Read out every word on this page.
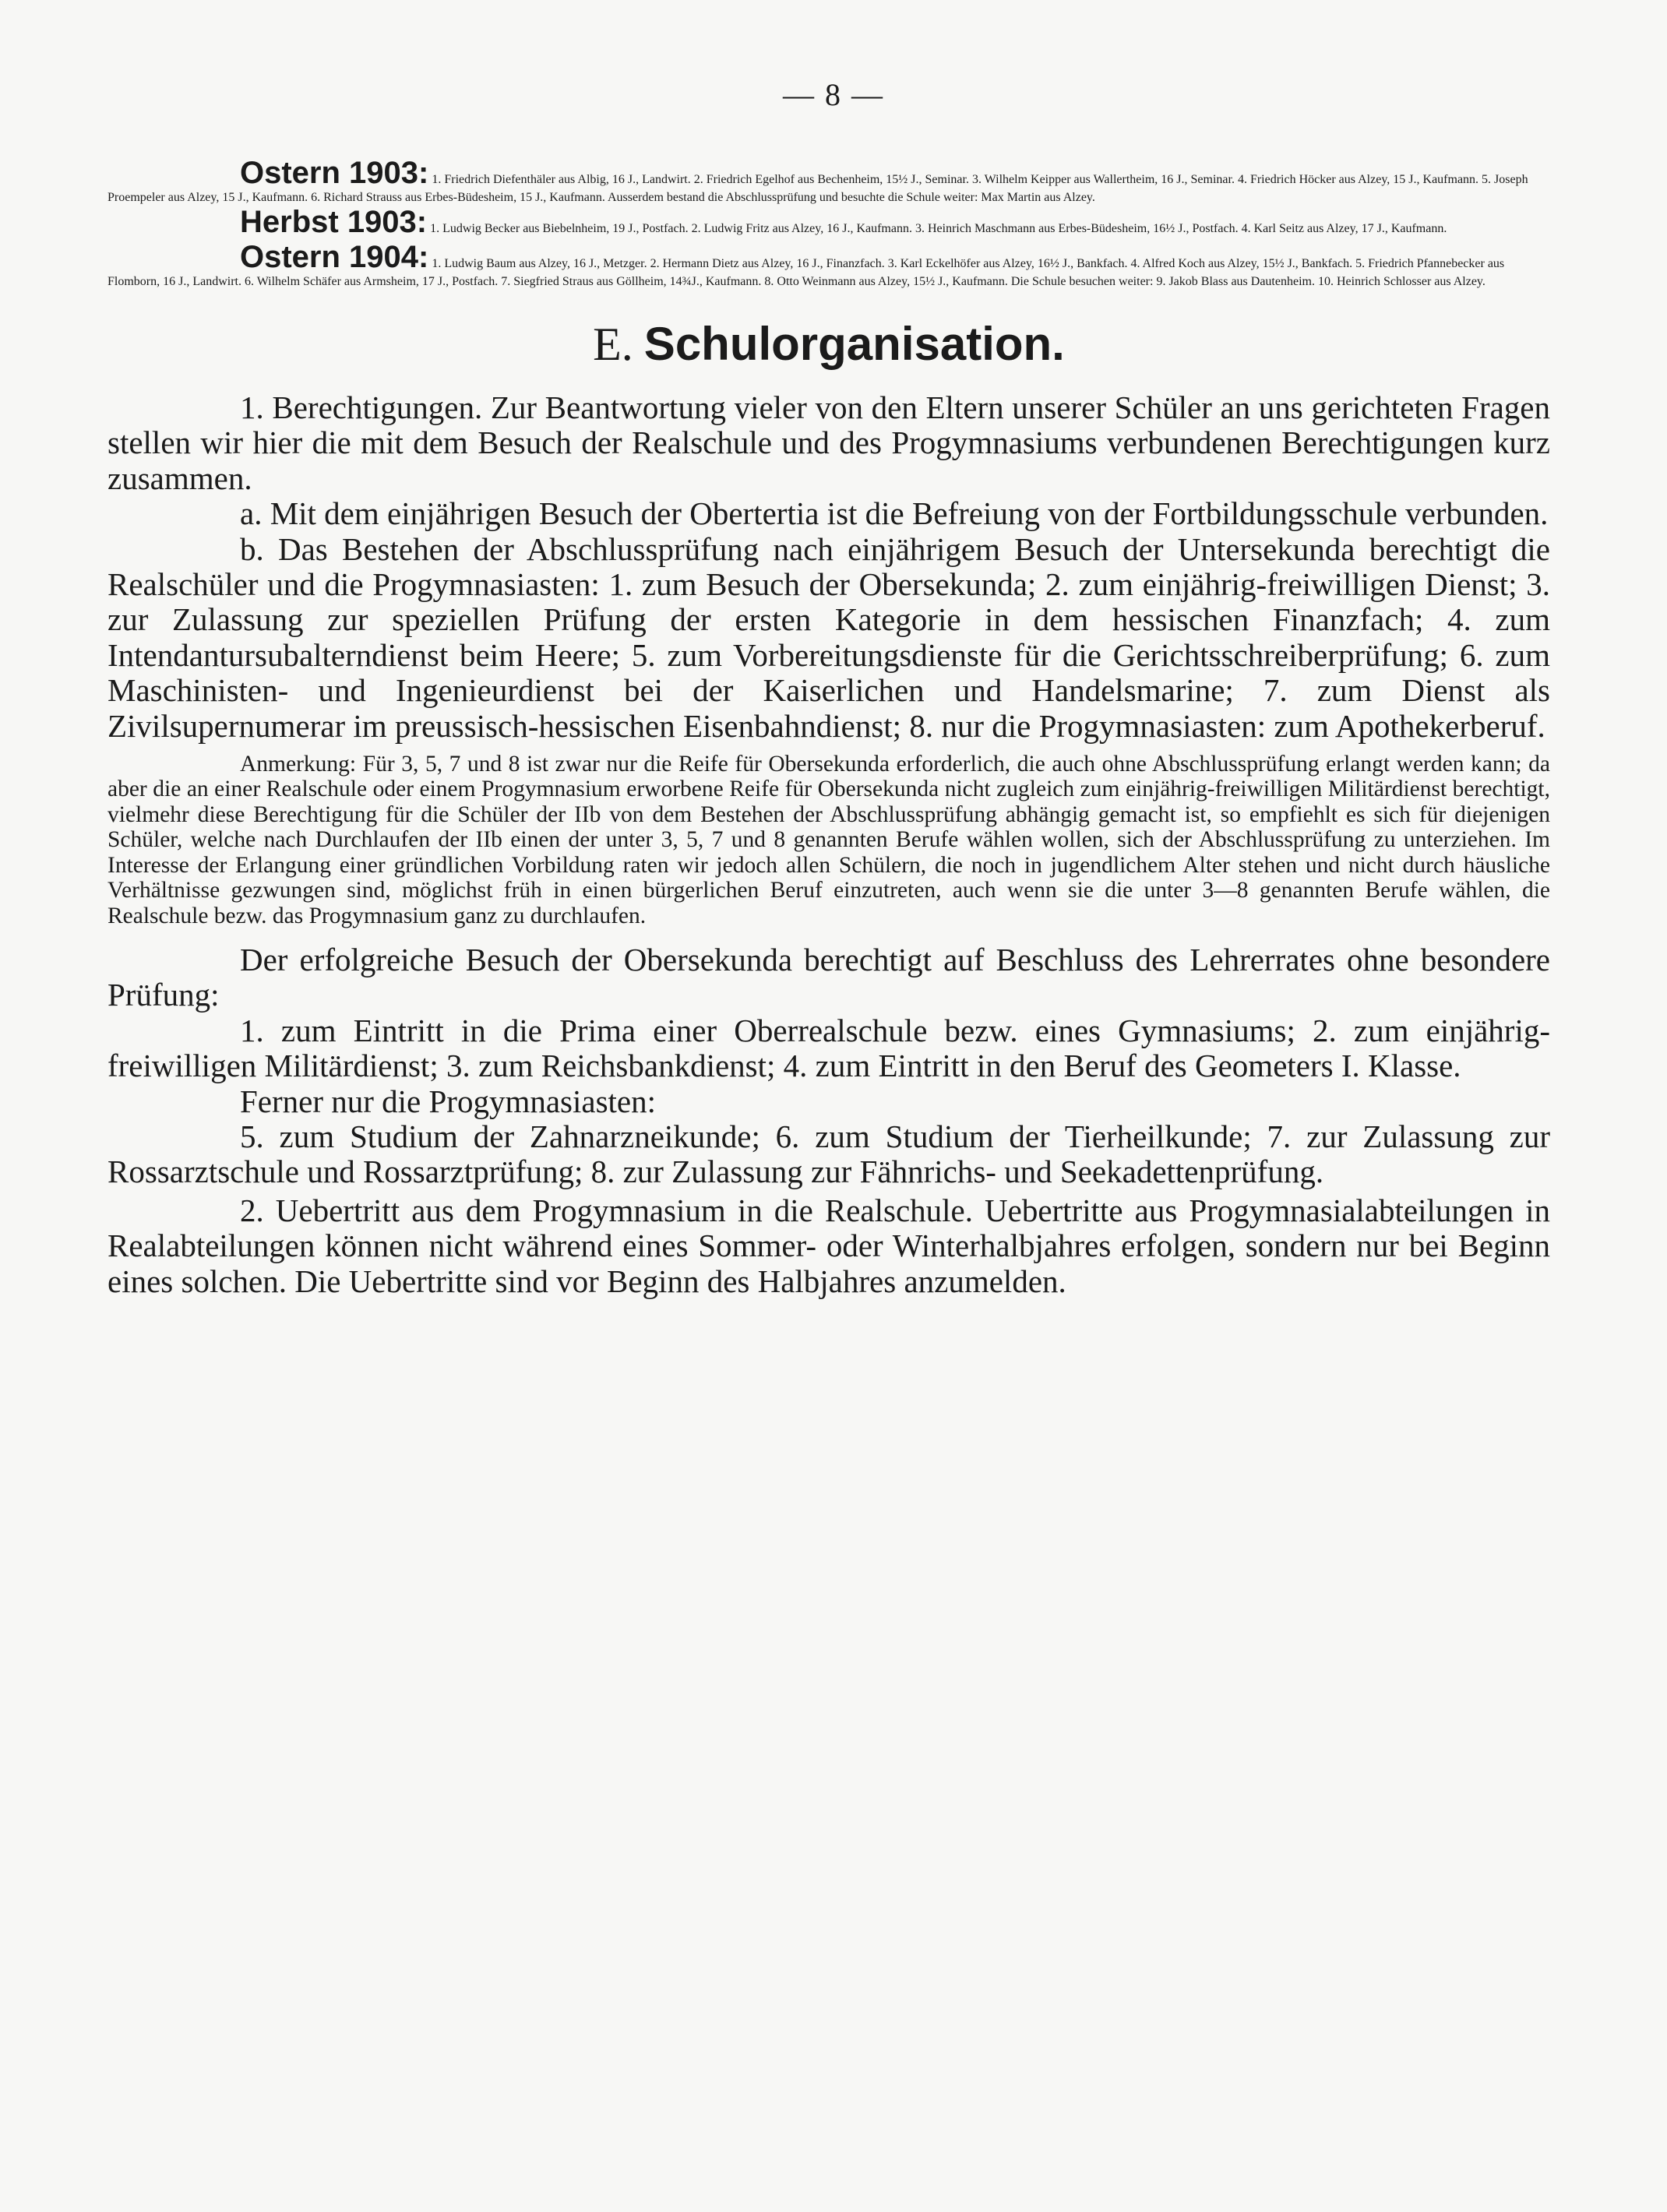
— 8 —

Ostern 1903: 1. Friedrich Diefenthäler aus Albig, 16 J., Landwirt. 2. Friedrich Egelhof aus Bechenheim, 15½ J., Seminar. 3. Wilhelm Keipper aus Wallertheim, 16 J., Seminar. 4. Friedrich Höcker aus Alzey, 15 J., Kaufmann. 5. Joseph Proempeler aus Alzey, 15 J., Kaufmann. 6. Richard Strauss aus Erbes-Büdesheim, 15 J., Kaufmann. Ausserdem bestand die Abschlussprüfung und besuchte die Schule weiter: Max Martin aus Alzey.

Herbst 1903: 1. Ludwig Becker aus Biebelnheim, 19 J., Postfach. 2. Ludwig Fritz aus Alzey, 16 J., Kaufmann. 3. Heinrich Maschmann aus Erbes-Büdesheim, 16½ J., Postfach. 4. Karl Seitz aus Alzey, 17 J., Kaufmann.

Ostern 1904: 1. Ludwig Baum aus Alzey, 16 J., Metzger. 2. Hermann Dietz aus Alzey, 16 J., Finanzfach. 3. Karl Eckelhöfer aus Alzey, 16½ J., Bankfach. 4. Alfred Koch aus Alzey, 15½ J., Bankfach. 5. Friedrich Pfannebecker aus Flomborn, 16 J., Landwirt. 6. Wilhelm Schäfer aus Armsheim, 17 J., Postfach. 7. Siegfried Straus aus Göllheim, 14¾J., Kaufmann. 8. Otto Weinmann aus Alzey, 15½ J., Kaufmann. Die Schule besuchen weiter: 9. Jakob Blass aus Dautenheim. 10. Heinrich Schlosser aus Alzey.

E. Schulorganisation.

1. Berechtigungen. Zur Beantwortung vieler von den Eltern unserer Schüler an uns gerichteten Fragen stellen wir hier die mit dem Besuch der Realschule und des Progymnasiums verbundenen Berechtigungen kurz zusammen.

a. Mit dem einjährigen Besuch der Obertertia ist die Befreiung von der Fortbildungsschule verbunden.

b. Das Bestehen der Abschlussprüfung nach einjährigem Besuch der Untersekunda berechtigt die Realschüler und die Progymnasiasten: 1. zum Besuch der Obersekunda; 2. zum einjährig-freiwilligen Dienst; 3. zur Zulassung zur speziellen Prüfung der ersten Kategorie in dem hessischen Finanzfach; 4. zum Intendantursubalterndienst beim Heere; 5. zum Vorbereitungsdienste für die Gerichtsschreiberprüfung; 6. zum Maschinisten- und Ingenieurdienst bei der Kaiserlichen und Handelsmarine; 7. zum Dienst als Zivilsupernumerar im preussisch-hessischen Eisenbahndienst; 8. nur die Progymnasiasten: zum Apothekerberuf.

Anmerkung: Für 3, 5, 7 und 8 ist zwar nur die Reife für Obersekunda erforderlich, die auch ohne Abschlussprüfung erlangt werden kann; da aber die an einer Realschule oder einem Progymnasium erworbene Reife für Obersekunda nicht zugleich zum einjährig-freiwilligen Militärdienst berechtigt, vielmehr diese Berechtigung für die Schüler der IIb von dem Bestehen der Abschlussprüfung abhängig gemacht ist, so empfiehlt es sich für diejenigen Schüler, welche nach Durchlaufen der IIb einen der unter 3, 5, 7 und 8 genannten Berufe wählen wollen, sich der Abschlussprüfung zu unterziehen. Im Interesse der Erlangung einer gründlichen Vorbildung raten wir jedoch allen Schülern, die noch in jugendlichem Alter stehen und nicht durch häusliche Verhältnisse gezwungen sind, möglichst früh in einen bürgerlichen Beruf einzutreten, auch wenn sie die unter 3—8 genannten Berufe wählen, die Realschule bezw. das Progymnasium ganz zu durchlaufen.

Der erfolgreiche Besuch der Obersekunda berechtigt auf Beschluss des Lehrerrates ohne besondere Prüfung:

1. zum Eintritt in die Prima einer Oberrealschule bezw. eines Gymnasiums; 2. zum einjährig-freiwilligen Militärdienst; 3. zum Reichsbankdienst; 4. zum Eintritt in den Beruf des Geometers I. Klasse.

Ferner nur die Progymnasiasten:

5. zum Studium der Zahnarzneikunde; 6. zum Studium der Tierheilkunde; 7. zur Zulassung zur Rossarztschule und Rossarztprüfung; 8. zur Zulassung zur Fähnrichs- und Seekadettenprüfung.

2. Uebertritt aus dem Progymnasium in die Realschule. Uebertritte aus Progymnasialabteilungen in Realabteilungen können nicht während eines Sommer- oder Winterhalbjahres erfolgen, sondern nur bei Beginn eines solchen. Die Uebertritte sind vor Beginn des Halbjahres anzumelden.
